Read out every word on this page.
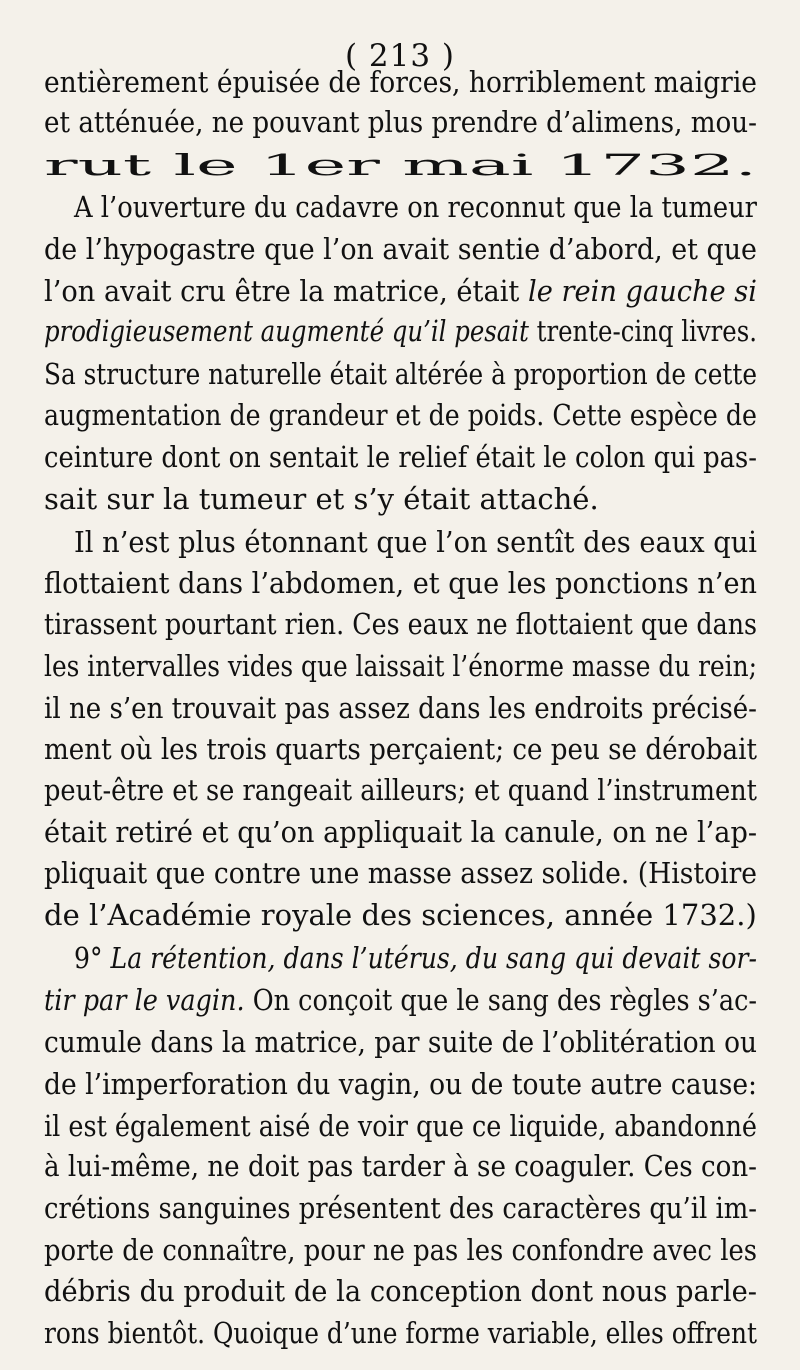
( 213 )
entièrement épuisée de forces, horriblement maigrie
et atténuée, ne pouvant plus prendre d’alimens, mou-
rut le 1er mai 1732.
A l’ouverture du cadavre on reconnut que la tumeur
de l’hypogastre que l’on avait sentie d’abord, et que
l’on avait cru être la matrice, était le rein gauche si
prodigieusement augmenté qu’il pesait trente-cinq livres.
Sa structure naturelle était altérée à proportion de cette
augmentation de grandeur et de poids. Cette espèce de
ceinture dont on sentait le relief était le colon qui pas-
sait sur la tumeur et s’y était attaché.
Il n’est plus étonnant que l’on sentît des eaux qui
flottaient dans l’abdomen, et que les ponctions n’en
tirassent pourtant rien. Ces eaux ne flottaient que dans
les intervalles vides que laissait l’énorme masse du rein;
il ne s’en trouvait pas assez dans les endroits précisé-
ment où les trois quarts perçaient; ce peu se dérobait
peut-être et se rangeait ailleurs; et quand l’instrument
était retiré et qu’on appliquait la canule, on ne l’ap-
pliquait que contre une masse assez solide. (Histoire
de l’Académie royale des sciences, année 1732.)
9° La rétention, dans l’utérus, du sang qui devait sor-
tir par le vagin. On conçoit que le sang des règles s’ac-
cumule dans la matrice, par suite de l’oblitération ou
de l’imperforation du vagin, ou de toute autre cause:
il est également aisé de voir que ce liquide, abandonné
à lui-même, ne doit pas tarder à se coaguler. Ces con-
crétions sanguines présentent des caractères qu’il im-
porte de connaître, pour ne pas les confondre avec les
débris du produit de la conception dont nous parle-
rons bientôt. Quoique d’une forme variable, elles offrent
